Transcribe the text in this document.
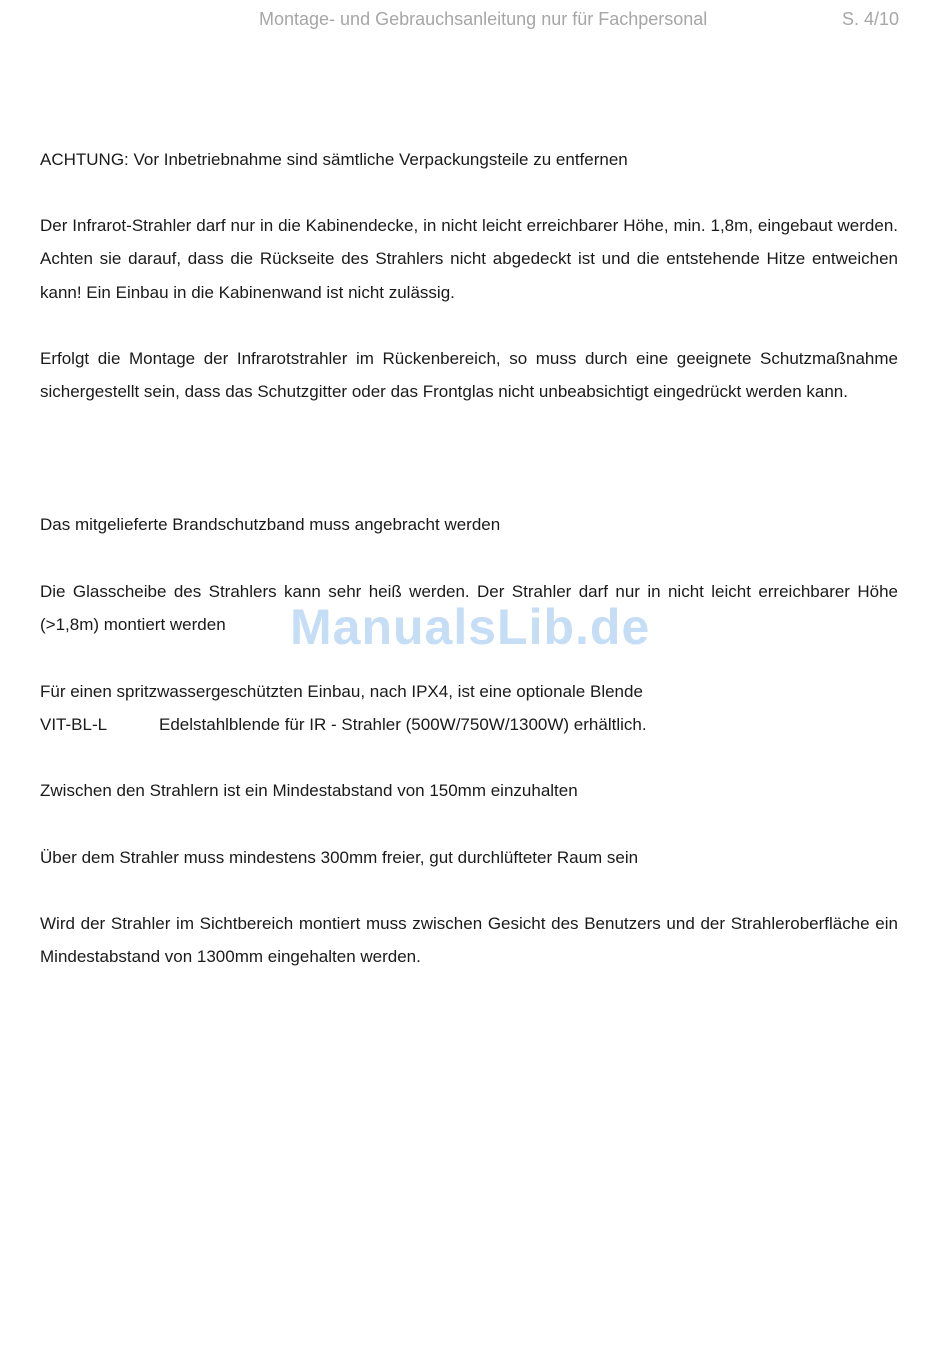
Montage- und Gebrauchsanleitung nur für Fachpersonal	S. 4/10

ACHTUNG: Vor Inbetriebnahme sind sämtliche Verpackungsteile zu entfernen

Der Infrarot-Strahler darf nur in die Kabinendecke, in nicht leicht erreichbarer Höhe, min. 1,8m, eingebaut werden. Achten sie darauf, dass die Rückseite des Strahlers nicht abgedeckt ist und die entstehende Hitze entweichen kann! Ein Einbau in die Kabinenwand ist nicht zulässig.

Erfolgt die Montage der Infrarotstrahler im Rückenbereich, so muss durch eine geeignete Schutzmaßnahme sichergestellt sein, dass das Schutzgitter oder das Frontglas nicht unbeabsichtigt eingedrückt werden kann.

Das mitgelieferte Brandschutzband muss angebracht werden

Die Glasscheibe des Strahlers kann sehr heiß werden. Der Strahler darf nur in nicht leicht erreichbarer Höhe (>1,8m) montiert werden

Für einen spritzwassergeschützten Einbau, nach IPX4, ist eine optionale Blende
VIT-BL-L	Edelstahlblende für IR - Strahler (500W/750W/1300W) erhältlich.

Zwischen den Strahlern ist ein Mindestabstand von 150mm einzuhalten

Über dem Strahler muss mindestens 300mm freier, gut durchlüfteter Raum sein

Wird der Strahler im Sichtbereich montiert muss zwischen Gesicht des Benutzers und der Strahleroberfläche ein Mindestabstand von 1300mm eingehalten werden.

ManualsLib.de
